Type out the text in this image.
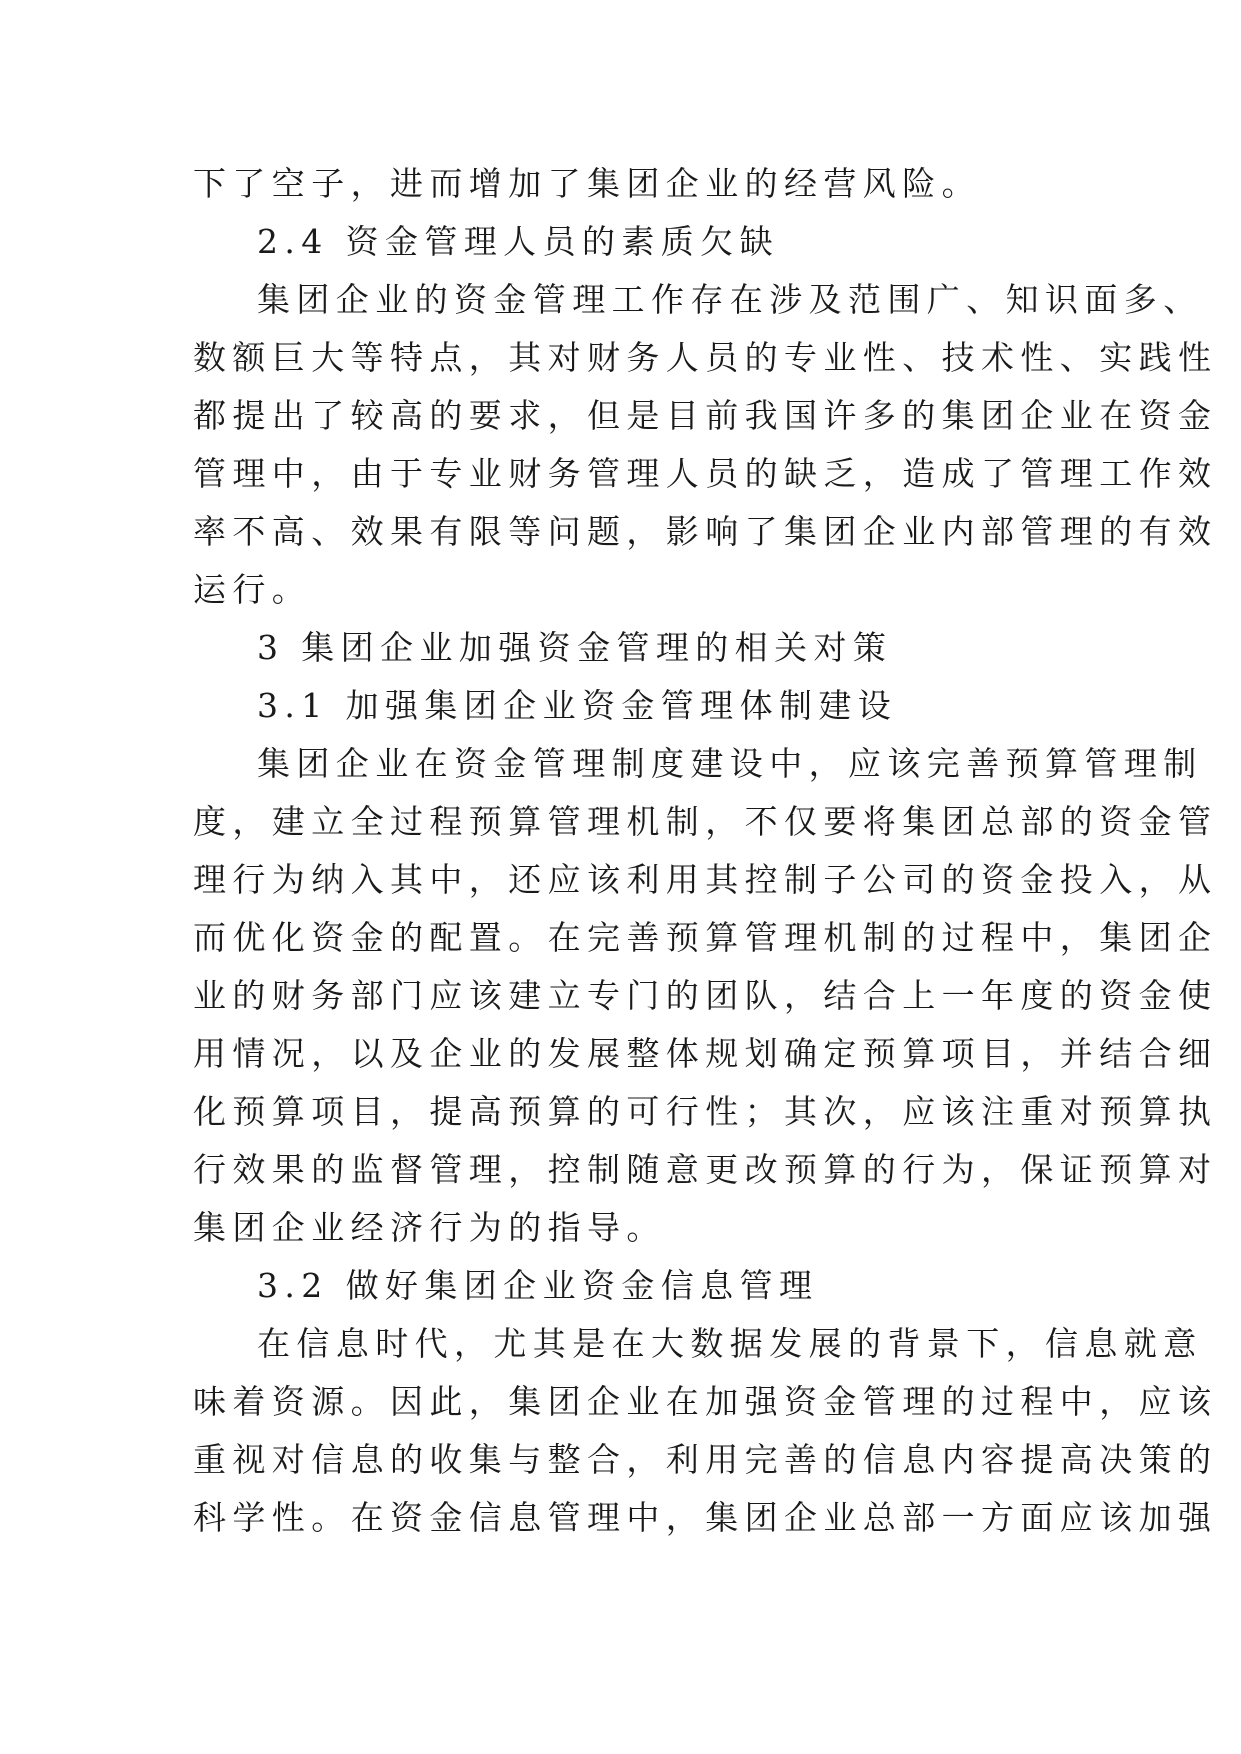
下了空子，进而增加了集团企业的经营风险。
2.4 资金管理人员的素质欠缺
集团企业的资金管理工作存在涉及范围广、知识面多、
数额巨大等特点，其对财务人员的专业性、技术性、实践性
都提出了较高的要求，但是目前我国许多的集团企业在资金
管理中，由于专业财务管理人员的缺乏，造成了管理工作效
率不高、效果有限等问题，影响了集团企业内部管理的有效
运行。
3 集团企业加强资金管理的相关对策
3.1 加强集团企业资金管理体制建设
集团企业在资金管理制度建设中，应该完善预算管理制
度，建立全过程预算管理机制，不仅要将集团总部的资金管
理行为纳入其中，还应该利用其控制子公司的资金投入，从
而优化资金的配置。在完善预算管理机制的过程中，集团企
业的财务部门应该建立专门的团队，结合上一年度的资金使
用情况，以及企业的发展整体规划确定预算项目，并结合细
化预算项目，提高预算的可行性；其次，应该注重对预算执
行效果的监督管理，控制随意更改预算的行为，保证预算对
集团企业经济行为的指导。
3.2 做好集团企业资金信息管理
在信息时代，尤其是在大数据发展的背景下，信息就意
味着资源。因此，集团企业在加强资金管理的过程中，应该
重视对信息的收集与整合，利用完善的信息内容提高决策的
科学性。在资金信息管理中，集团企业总部一方面应该加强
